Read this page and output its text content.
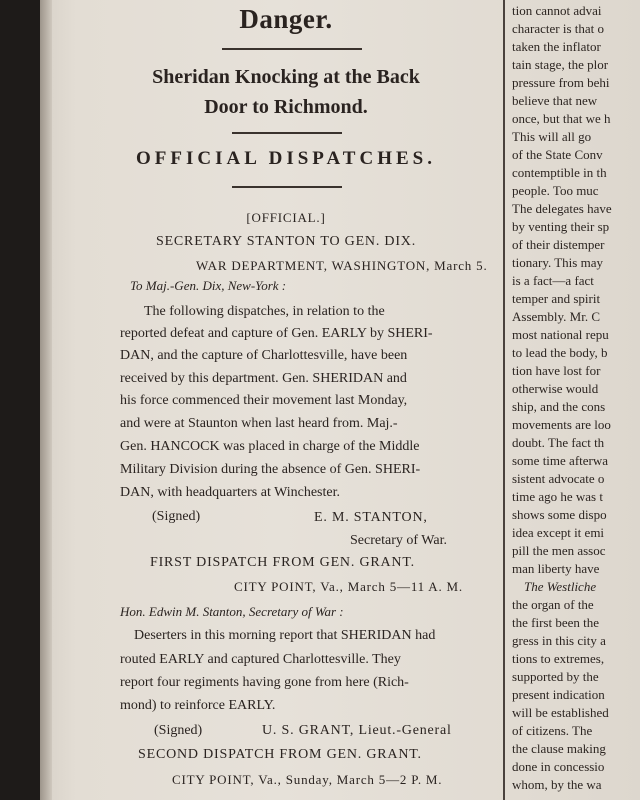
Danger.
Sheridan Knocking at the Back
Door to Richmond.
OFFICIAL DISPATCHES.
[OFFICIAL.]
SECRETARY STANTON TO GEN. DIX.
WAR DEPARTMENT, WASHINGTON, March 5.
To Maj.-Gen. Dix, New-York :
The following dispatches, in relation to the
reported defeat and capture of Gen. EARLY by SHERI-
DAN, and the capture of Charlottesville, have been
received by this department. Gen. SHERIDAN and
his force commenced their movement last Monday,
and were at Staunton when last heard from. Maj.-
Gen. HANCOCK was placed in charge of the Middle
Military Division during the absence of Gen. SHERI-
DAN, with headquarters at Winchester.
(Signed)	E. M. STANTON,
Secretary of War.
FIRST DISPATCH FROM GEN. GRANT.
CITY POINT, Va., March 5—11 A. M.
Hon. Edwin M. Stanton, Secretary of War :
Deserters in this morning report that SHERIDAN had
routed EARLY and captured Charlottesville. They
report four regiments having gone from here (Rich-
mond) to reinforce EARLY.
(Signed)	U. S. GRANT, Lieut.-General
SECOND DISPATCH FROM GEN. GRANT.
CITY POINT, Va., Sunday, March 5—2 P. M.
tion cannot advai
character is that o
taken the inflator
tain stage, the plor
pressure from behi
believe that new
once, but that we h
This will all go
of the State Conv
contemptible in th
people. Too muc
The delegates have
by venting their sp
of their distemper
tionary. This may
is a fact—a fact
temper and spirit
Assembly. Mr. C
most national repu
to lead the body, b
tion have lost for
otherwise would
ship, and the cons
movements are loo
doubt. The fact th
some time afterwa
sistent advocate o
time ago he was t
shows some dispo
idea except it emi
pill the men assoc
man liberty have
The Westliche
the organ of the
the first been the
gress in this city a
tions to extremes,
supported by the
present indication
will be established
of citizens. The
the clause making
done in concessio
whom, by the wa
